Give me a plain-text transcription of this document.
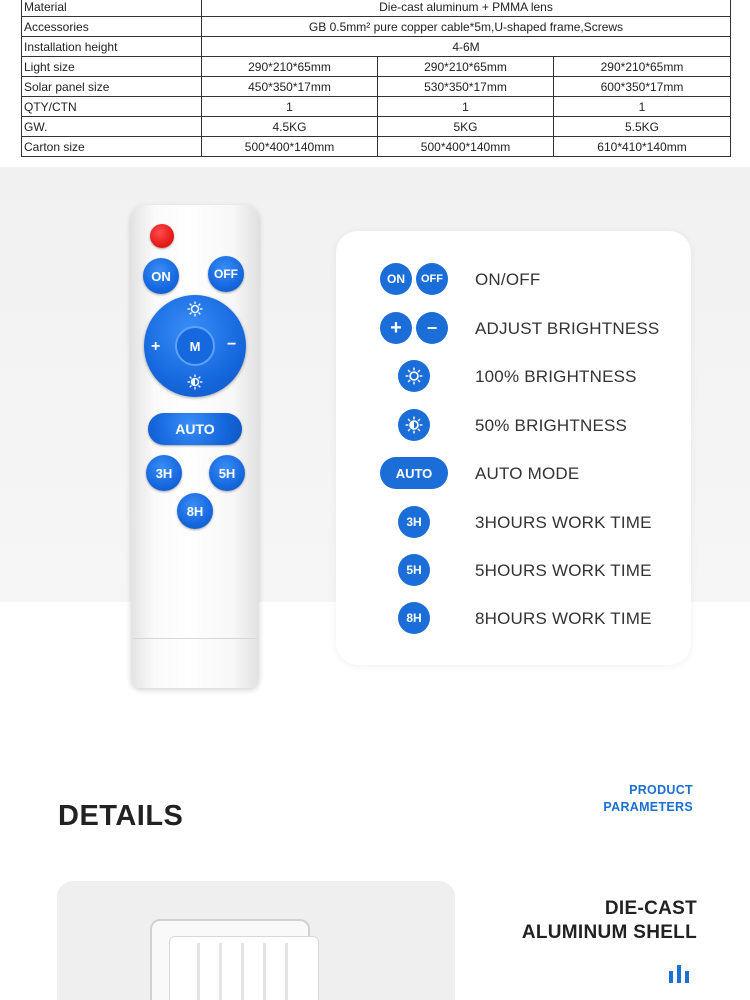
Material	Die-cast aluminum + PMMA lens		
Accessories	GB 0.5mm² pure copper cable*5m,U-shaped frame,Screws		
Installation height	4-6M		
Light size	290*210*65mm	290*210*65mm	290*210*65mm
Solar panel size	450*350*17mm	530*350*17mm	600*350*17mm
QTY/CTN	1	1	1
GW.	4.5KG	5KG	5.5KG
Carton size	500*400*140mm	500*400*140mm	610*410*140mm
ON	OFF
+	M	−
AUTO
3H	5H
8H
ON	OFF ON/OFF
+	−	ADJUST BRIGHTNESS
100% BRIGHTNESS
50% BRIGHTNESS
AUTO	AUTO MODE
3H	3HOURS WORK TIME
5H	5HOURS WORK TIME
8H	8HOURS WORK TIME
PRODUCT
PARAMETERS
DETAILS
DIE-CAST
ALUMINUM SHELL
